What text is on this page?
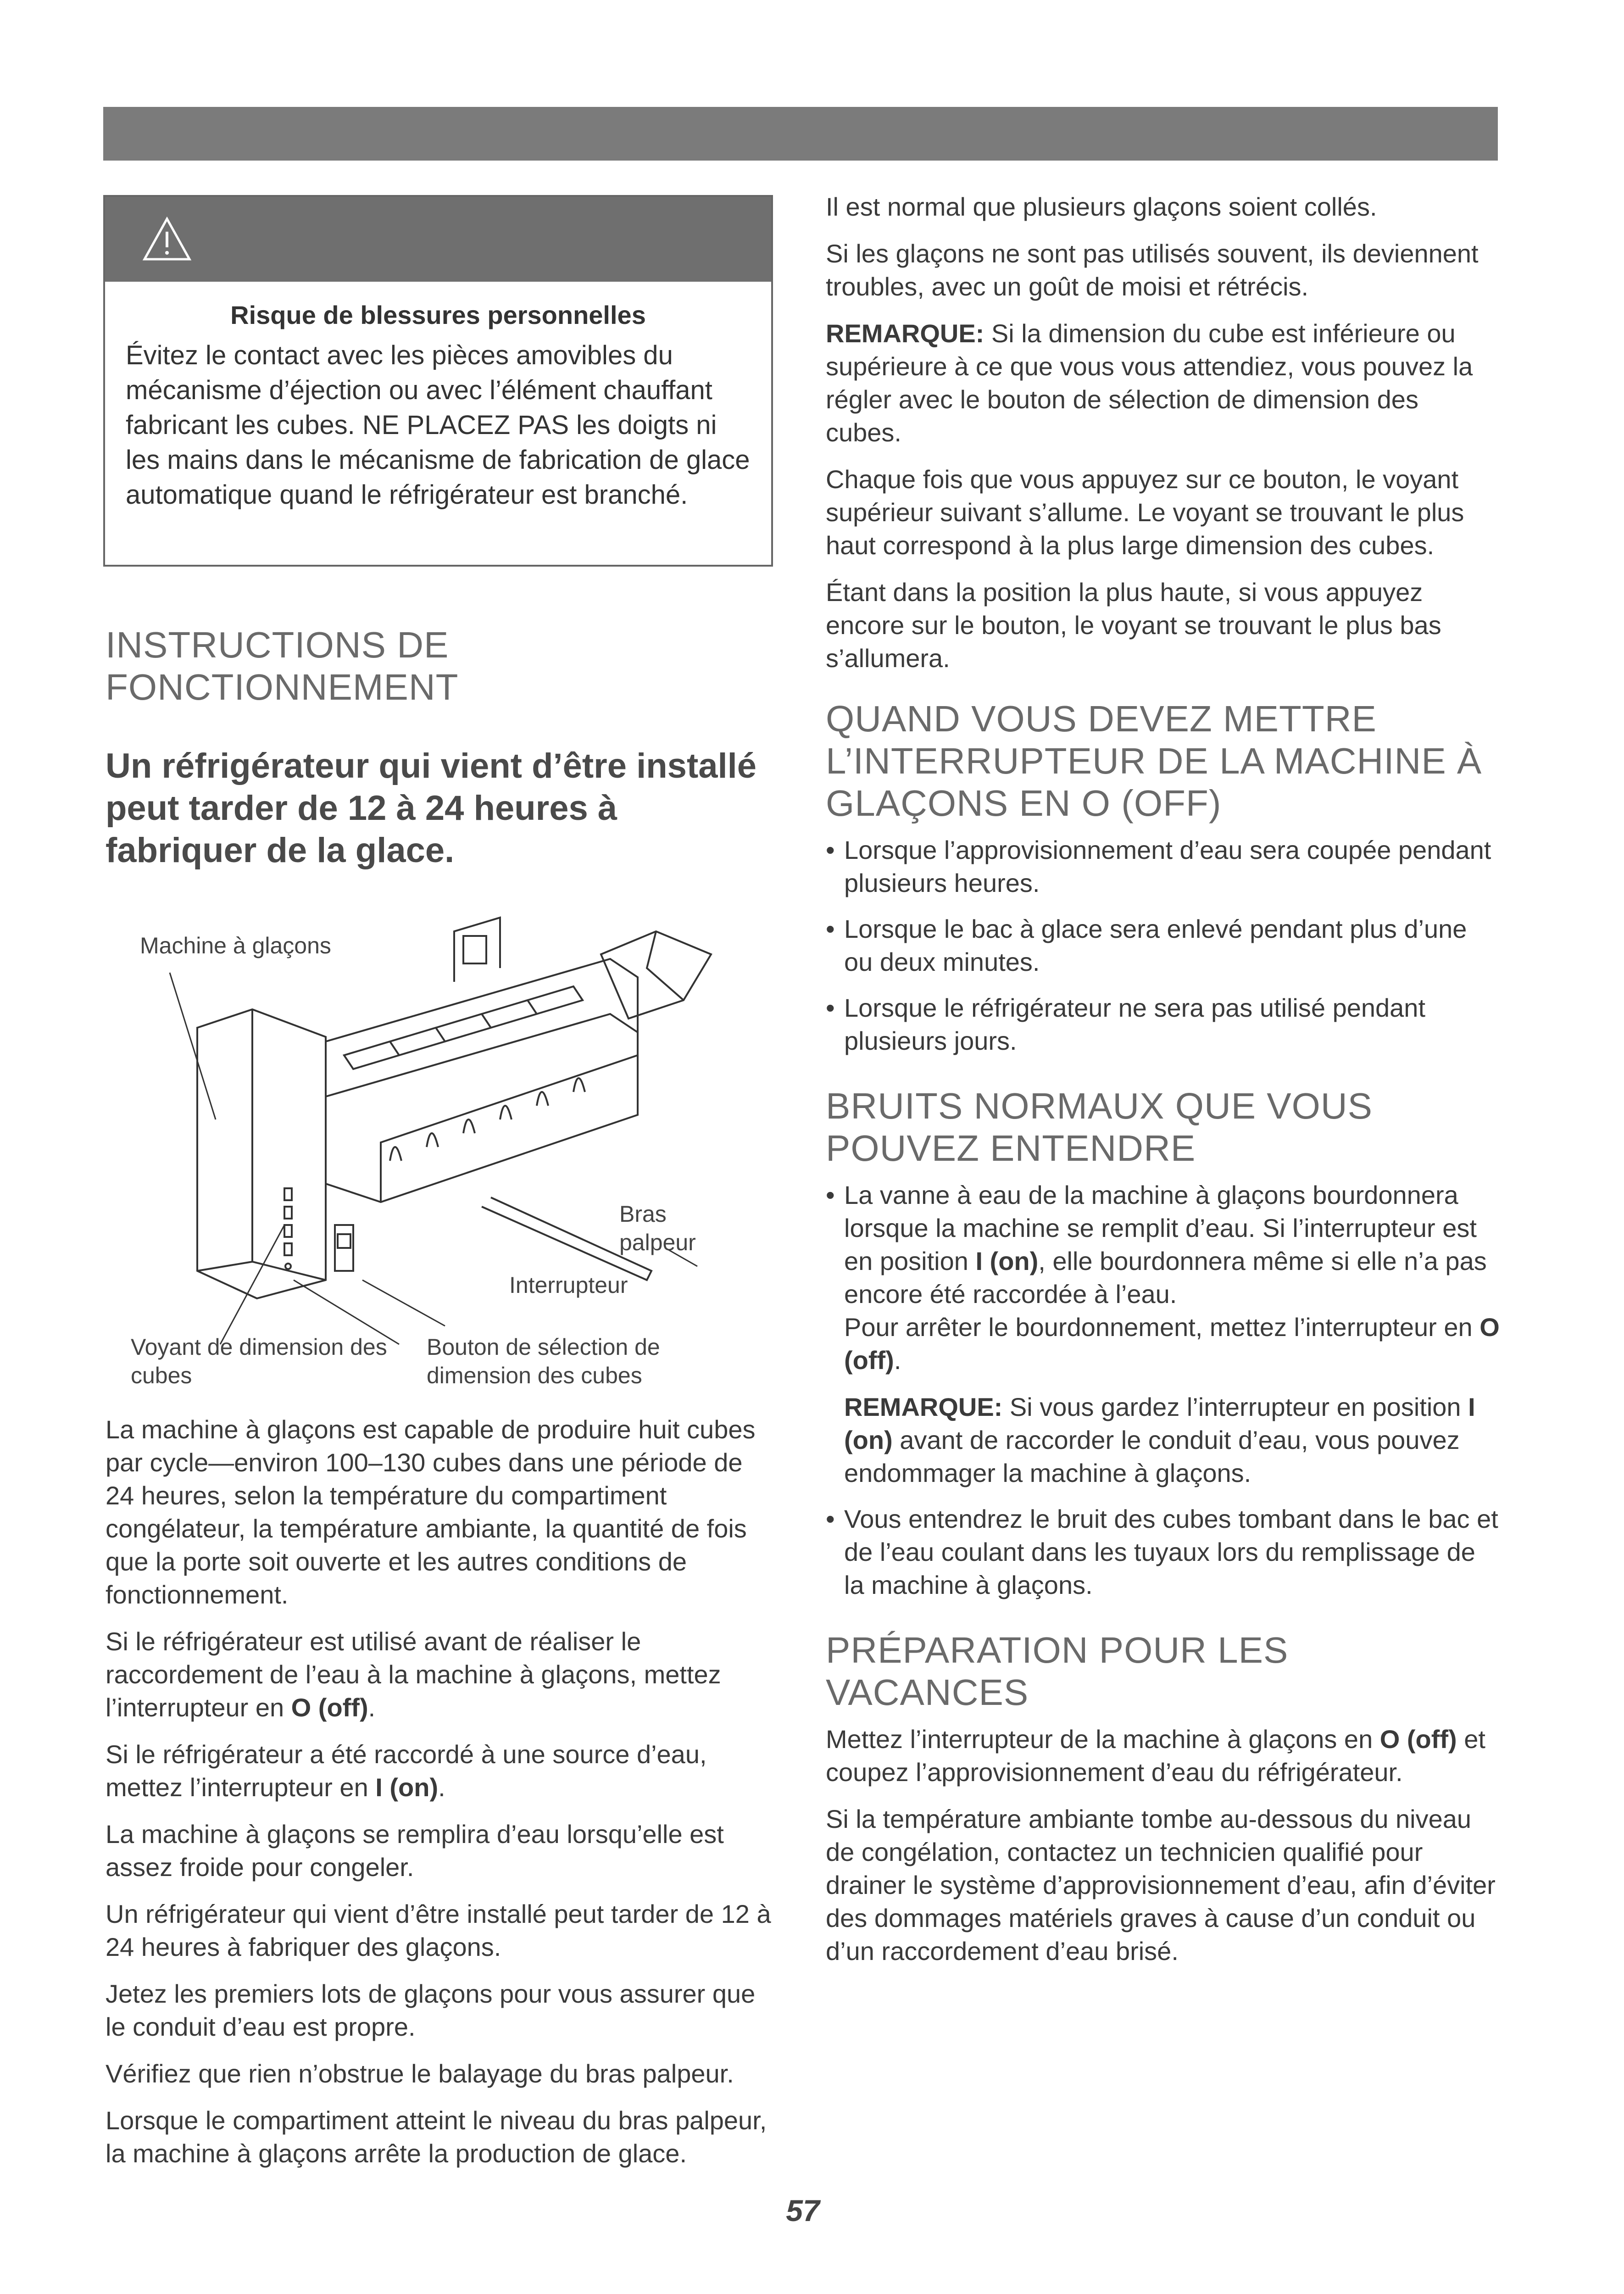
Risque de blessures personnelles
Évitez le contact avec les pièces amovibles du mécanisme d’éjection ou avec l’élément chauffant fabricant les cubes. NE PLACEZ PAS les doigts ni les mains dans le mécanisme de fabrication de glace automatique quand le réfrigérateur est branché.
INSTRUCTIONS DE FONCTIONNEMENT
Un réfrigérateur qui vient d’être installé peut tarder de 12 à 24 heures à fabriquer de la glace.
Machine à glaçons
Bras palpeur
Interrupteur
Voyant de dimension des cubes
Bouton de sélection de dimension des cubes

La machine à glaçons est capable de produire huit cubes par cycle—environ 100–130 cubes dans une période de 24 heures, selon la température du compartiment congélateur, la température ambiante, la quantité de fois que la porte soit ouverte et les autres conditions de fonctionnement.

Si le réfrigérateur est utilisé avant de réaliser le raccordement de l’eau à la machine à glaçons, mettez l’interrupteur en O (off).

Si le réfrigérateur a été raccordé à une source d’eau, mettez l’interrupteur en I (on).

La machine à glaçons se remplira d’eau lorsqu’elle est assez froide pour congeler.

Un réfrigérateur qui vient d’être installé peut tarder de 12 à 24 heures à fabriquer des glaçons.

Jetez les premiers lots de glaçons pour vous assurer que le conduit d’eau est propre.

Vérifiez que rien n’obstrue le balayage du bras palpeur.

Lorsque le compartiment atteint le niveau du bras palpeur, la machine à glaçons arrête la production de glace.

Il est normal que plusieurs glaçons soient collés.

Si les glaçons ne sont pas utilisés souvent, ils deviennent troubles, avec un goût de moisi et rétrécis.

REMARQUE: Si la dimension du cube est inférieure ou supérieure à ce que vous vous attendiez, vous pouvez la régler avec le bouton de sélection de dimension des cubes.

Chaque fois que vous appuyez sur ce bouton, le voyant supérieur suivant s’allume. Le voyant se trouvant le plus haut correspond à la plus large dimension des cubes.

Étant dans la position la plus haute, si vous appuyez encore sur le bouton, le voyant se trouvant le plus bas s’allumera.

QUAND VOUS DEVEZ METTRE L’INTERRUPTEUR DE LA MACHINE À GLAÇONS EN O (OFF)
• Lorsque l’approvisionnement d’eau sera coupée pendant plusieurs heures.
• Lorsque le bac à glace sera enlevé pendant plus d’une ou deux minutes.
• Lorsque le réfrigérateur ne sera pas utilisé pendant plusieurs jours.
BRUITS NORMAUX QUE VOUS POUVEZ ENTENDRE
• La vanne à eau de la machine à glaçons bourdonnera lorsque la machine se remplit d’eau. Si l’interrupteur est en position I (on), elle bourdonnera même si elle n’a pas encore été raccordée à l’eau.
Pour arrêter le bourdonnement, mettez l’interrupteur en O (off).
REMARQUE: Si vous gardez l’interrupteur en position I (on) avant de raccorder le conduit d’eau, vous pouvez endommager la machine à glaçons.
• Vous entendrez le bruit des cubes tombant dans le bac et de l’eau coulant dans les tuyaux lors du remplissage de la machine à glaçons.
PRÉPARATION POUR LES VACANCES

Mettez l’interrupteur de la machine à glaçons en O (off) et coupez l’approvisionnement d’eau du réfrigérateur.

Si la température ambiante tombe au-dessous du niveau de congélation, contactez un technicien qualifié pour drainer le système d’approvisionnement d’eau, afin d’éviter des dommages matériels graves à cause d’un conduit ou d’un raccordement d’eau brisé.

57
